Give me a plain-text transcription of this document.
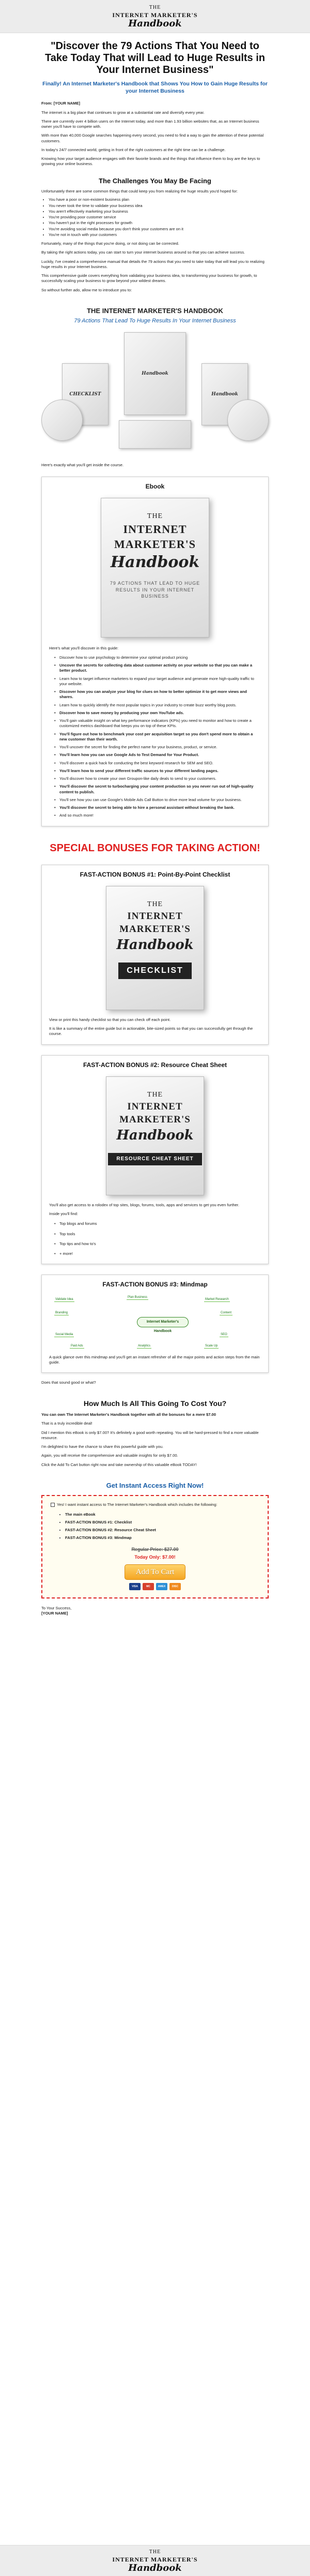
THE
INTERNET MARKETER'S
Handbook
"Discover the 79 Actions That You Need to Take Today That will Lead to Huge Results in Your Internet Business"
Finally! An Internet Marketer's Handbook that Shows You How to Gain Huge Results for your Internet Business

From: [YOUR NAME]

The internet is a big place that continues to grow at a substantial rate and diversify every year.

There are currently over 4 billion users on the Internet today, and more than 1.93 billion websites that, as an Internet business owner you'll have to compete with.

With more than 40,000 Google searches happening every second, you need to find a way to gain the attention of these potential customers.

In today's 24/7 connected world, getting in front of the right customers at the right time can be a challenge.

Knowing how your target audience engages with their favorite brands and the things that influence them to buy are the keys to growing your online business.

The Challenges You May Be Facing

Unfortunately there are some common things that could keep you from realizing the huge results you'd hoped for:

• You have a poor or non-existent business plan
• You never took the time to validate your business idea
• You aren't effectively marketing your business
• You're providing poor customer service
• You haven't put in the right processes for growth
• You're avoiding social media because you don't think your customers are on it
• You're not in touch with your customers

Fortunately, many of the things that you're doing, or not doing can be corrected.

By taking the right actions today, you can start to turn your internet business around so that you can achieve success.

Luckily, I've created a comprehensive manual that details the 79 actions that you need to take today that will lead you to realizing huge results in your Internet business.

This comprehensive guide covers everything from validating your business idea, to transforming your business for growth, to successfully scaling your business to grow beyond your wildest dreams.

So without further ado, allow me to introduce you to:

THE INTERNET MARKETER'S HANDBOOK
79 Actions That Lead To Huge Results In Your Internet Business
Handbook
CHECKLIST	Handbook

Here's exactly what you'll get inside the course.

Ebook
THE
INTERNET MARKETER'S
Handbook
79 ACTIONS THAT LEAD TO HUGE RESULTS IN YOUR INTERNET BUSINESS

Here's what you'll discover in this guide:

• Discover how to use psychology to determine your optimal product pricing
• Uncover the secrets for collecting data about customer activity on your website so that you can make a better product.
• Learn how to target influence marketers to expand your target audience and generate more high-quality traffic to your website.
• Discover how you can analyze your blog for clues on how to better optimize it to get more views and shares.
• Learn how to quickly identify the most popular topics in your industry to create buzz worthy blog posts.
• Discover how to save money by producing your own YouTube ads.
• You'll gain valuable insight on what key performance indicators (KPIs) you need to monitor and how to create a customized metrics dashboard that keeps you on top of these KPIs.
• You'll figure out how to benchmark your cost per acquisition target so you don't spend more to obtain a new customer than their worth.
• You'll uncover the secret for finding the perfect name for your business, product, or service.
• You'll learn how you can use Google Ads to Test Demand for Your Product.
• You'll discover a quick hack for conducting the best keyword research for SEM and SEO.
• You'll learn how to send your different traffic sources to your different landing pages.
• You'll discover how to create your own Groupon-like daily deals to send to your customers.
• You'll discover the secret to turbocharging your content production so you never run out of high-quality content to publish.
• You'll see how you can use Google's Mobile Ads Call Button to drive more lead volume for your business.
• You'll discover the secret to being able to hire a personal assistant without breaking the bank.
• And so much more!
SPECIAL BONUSES FOR TAKING ACTION!
FAST-ACTION BONUS #1: Point-By-Point Checklist
THE
INTERNET MARKETER'S
Handbook
CHECKLIST

View or print this handy checklist so that you can check off each point.

It is like a summary of the entire guide but in actionable, bite-sized points so that you can successfully get through the course.

FAST-ACTION BONUS #2: Resource Cheat Sheet
THE
INTERNET MARKETER'S
Handbook
RESOURCE CHEAT SHEET

You'll also get access to a rolodex of top sites, blogs, forums, tools, apps and services to get you even further.

Inside you'll find:

• Top blogs and forums
• Top tools
• Top tips and how to's
• + more!
FAST-ACTION BONUS #3: Mindmap
Internet Marketer's Handbook
Validate Idea
Plan Business
Market Research
Branding	Content
Social Media	SEO
Paid Ads	Analytics	Scale Up

A quick glance over this mindmap and you'll get an instant refresher of all the major points and action steps from the main guide.

Does that sound good or what?

How Much Is All This Going To Cost You?

You can own The Internet Marketer's Handbook together with all the bonuses for a mere $7.00

That is a truly incredible deal!

Did I mention this eBook is only $7.00? It's definitely a good worth repeating. You will be hard-pressed to find a more valuable resource.

I'm delighted to have the chance to share this powerful guide with you.

Again, you will receive the comprehensive and valuable insights for only $7.00.

Click the Add To Cart button right now and take ownership of this valuable eBook TODAY!

Get Instant Access Right Now!
Yes! I want instant access to The Internet Marketer's Handbook which includes the following:
• The main eBook
• FAST-ACTION BONUS #1: Checklist
• FAST-ACTION BONUS #2: Resource Cheat Sheet
• FAST-ACTION BONUS #3: Mindmap
Regular Price: $27.00
Today Only: $7.00!
Add To Cart
VISA	MC	AMEX	DISC

To Your Success,

[YOUR NAME]

THE
INTERNET MARKETER'S
Handbook
